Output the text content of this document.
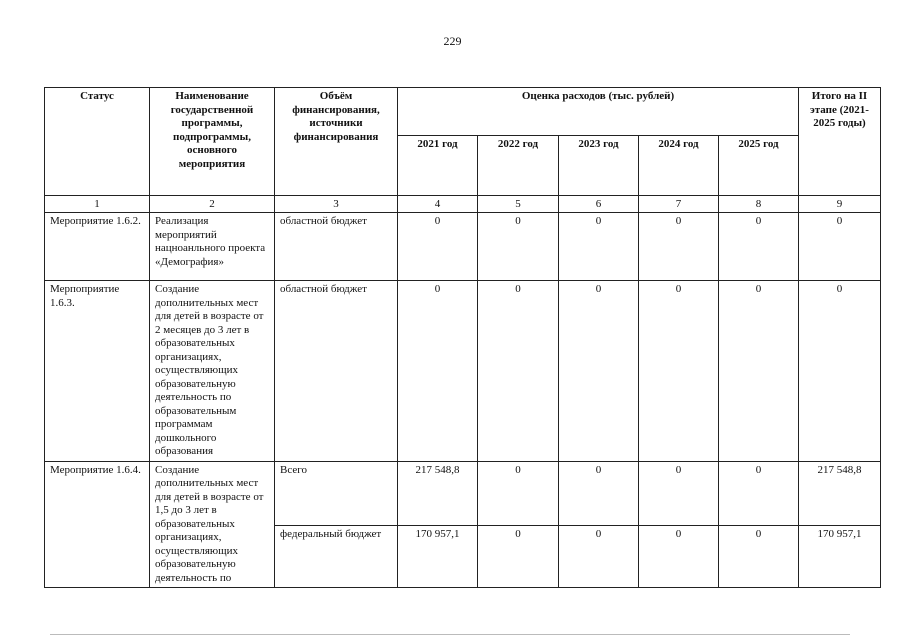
229
Статус	Наименование государственной программы, подпрограммы, основного мероприятия	Объём финансирования, источники финансирования	Оценка расходов (тыс. рублей)					Итого на II этапе (2021-2025 годы)
			2021 год	2022 год	2023 год	2024 год	2025 год	
1	2	3	4	5	6	7	8	9
Мероприятие 1.6.2.	Реализация мероприятий нацноанльного проекта «Демография»	областной бюджет	0	0	0	0	0	0
Мерпоприятие 1.6.3.	Создание дополнительных мест для детей в возрасте от 2 месяцев до 3 лет в образовательных организациях, осуществляющих образовательную деятельность по образовательным программам дошкольного образования	областной бюджет	0	0	0	0	0	0
Мероприятие 1.6.4.	Создание дополнительных мест для детей в возрасте от 1,5 до 3 лет в образовательных организациях, осуществляющих образовательную деятельность по	Всего	217 548,8	0	0	0	0	217 548,8
		федеральный бюджет	170 957,1	0	0	0	0	170 957,1
